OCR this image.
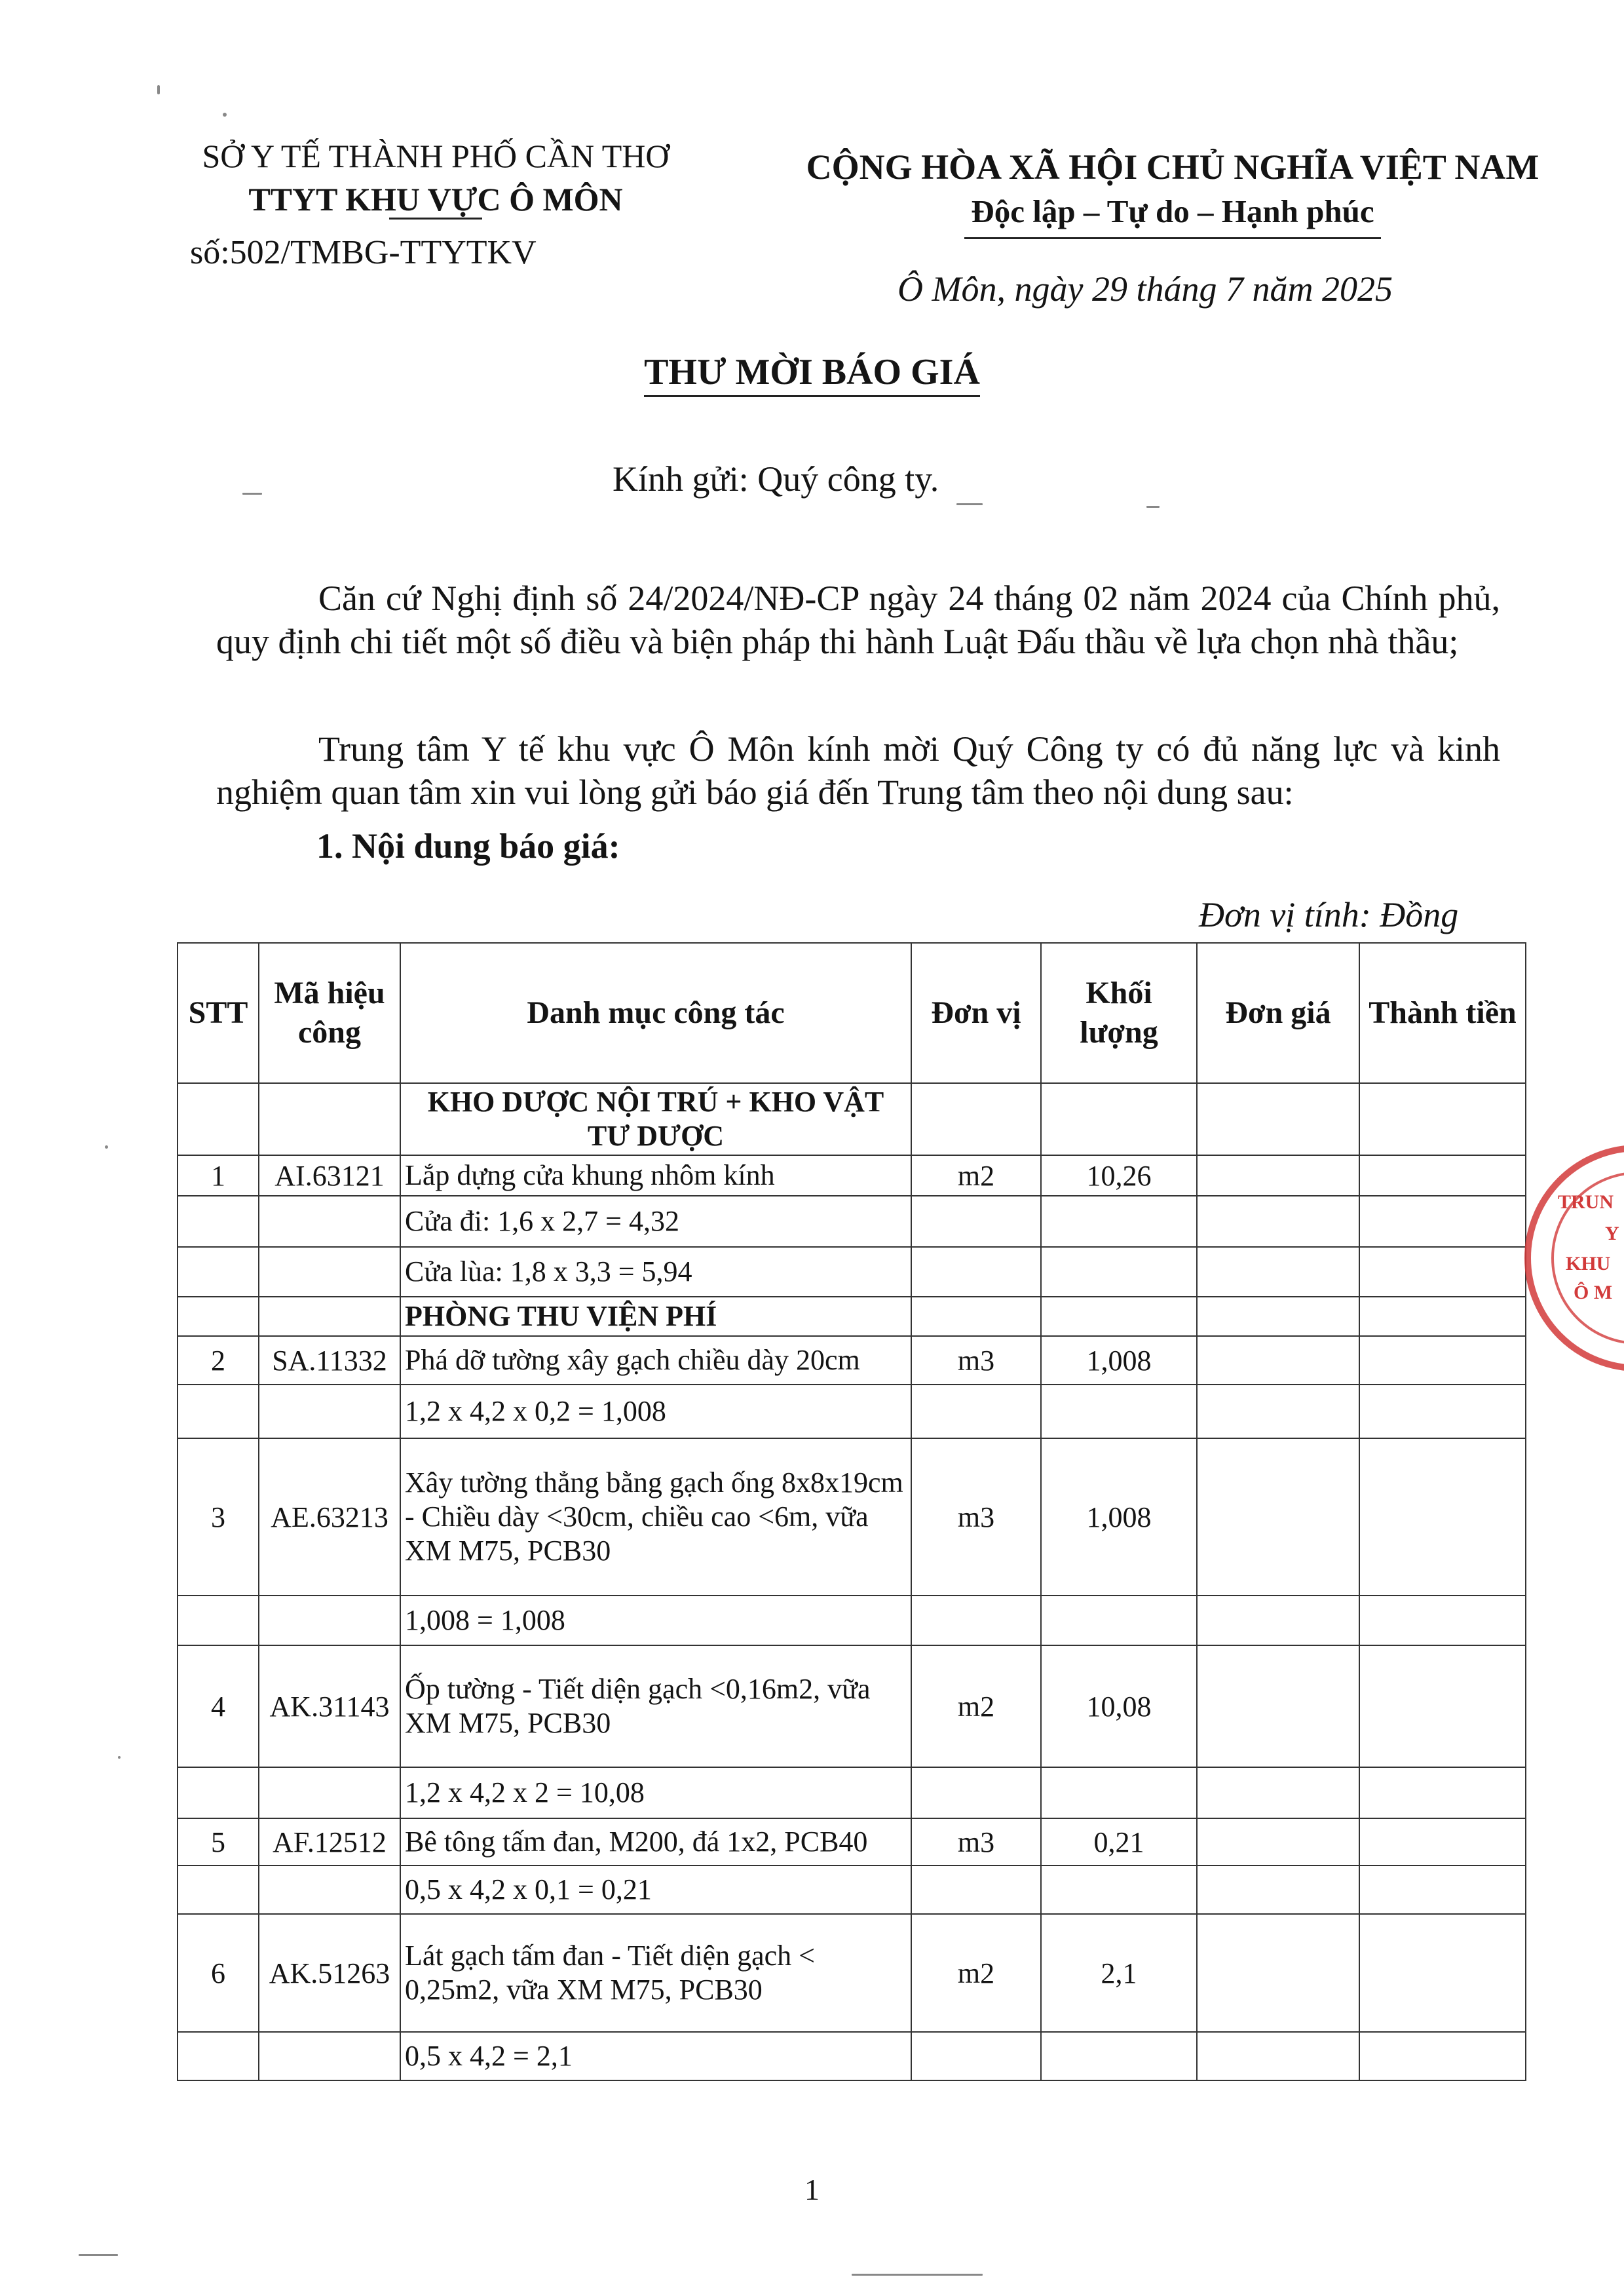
SỞ Y TẾ THÀNH PHỐ CẦN THƠ
TTYT KHU VỰC Ô MÔN
số:502/TMBG-TTYTKV
CỘNG HÒA XÃ HỘI CHỦ NGHĨA VIỆT NAM
Độc lập – Tự do – Hạnh phúc
Ô Môn, ngày 29 tháng 7 năm 2025
THƯ MỜI BÁO GIÁ
Kính gửi: Quý công ty.
Căn cứ Nghị định số 24/2024/NĐ-CP ngày 24 tháng 02 năm 2024 của Chính phủ, quy định chi tiết một số điều và biện pháp thi hành Luật Đấu thầu về lựa chọn nhà thầu;
Trung tâm Y tế khu vực Ô Môn kính mời Quý Công ty có đủ năng lực và kinh nghiệm quan tâm xin vui lòng gửi báo giá đến Trung tâm theo nội dung sau:
1. Nội dung báo giá:
Đơn vị tính: Đồng
STT	Mã hiệu công	Danh mục công tác	Đơn vị	Khối lượng	Đơn giá	Thành tiền
		KHO DƯỢC NỘI TRÚ + KHO VẬT TƯ DƯỢC				
1	AI.63121	Lắp dựng cửa khung nhôm kính	m2	10,26		
		Cửa đi: 1,6 x 2,7 = 4,32				
		Cửa lùa: 1,8 x 3,3 = 5,94				
		PHÒNG THU VIỆN PHÍ				
2	SA.11332	Phá dỡ tường xây gạch chiều dày 20cm	m3	1,008		
		1,2 x 4,2 x 0,2 = 1,008				
3	AE.63213	Xây tường thẳng bằng gạch ống 8x8x19cm - Chiều dày <30cm, chiều cao <6m, vữa XM M75, PCB30	m3	1,008		
		1,008 = 1,008				
4	AK.31143	Ốp tường - Tiết diện gạch <0,16m2, vữa XM M75, PCB30	m2	10,08		
		1,2 x 4,2 x 2 = 10,08				
5	AF.12512	Bê tông tấm đan, M200, đá 1x2, PCB40	m3	0,21		
		0,5 x 4,2 x 0,1 = 0,21				
6	AK.51263	Lát gạch tấm đan - Tiết diện gạch < 0,25m2, vữa XM M75, PCB30	m2	2,1		
		0,5 x 4,2 = 2,1				
1
TRUN
Y
KHU
Ô M
